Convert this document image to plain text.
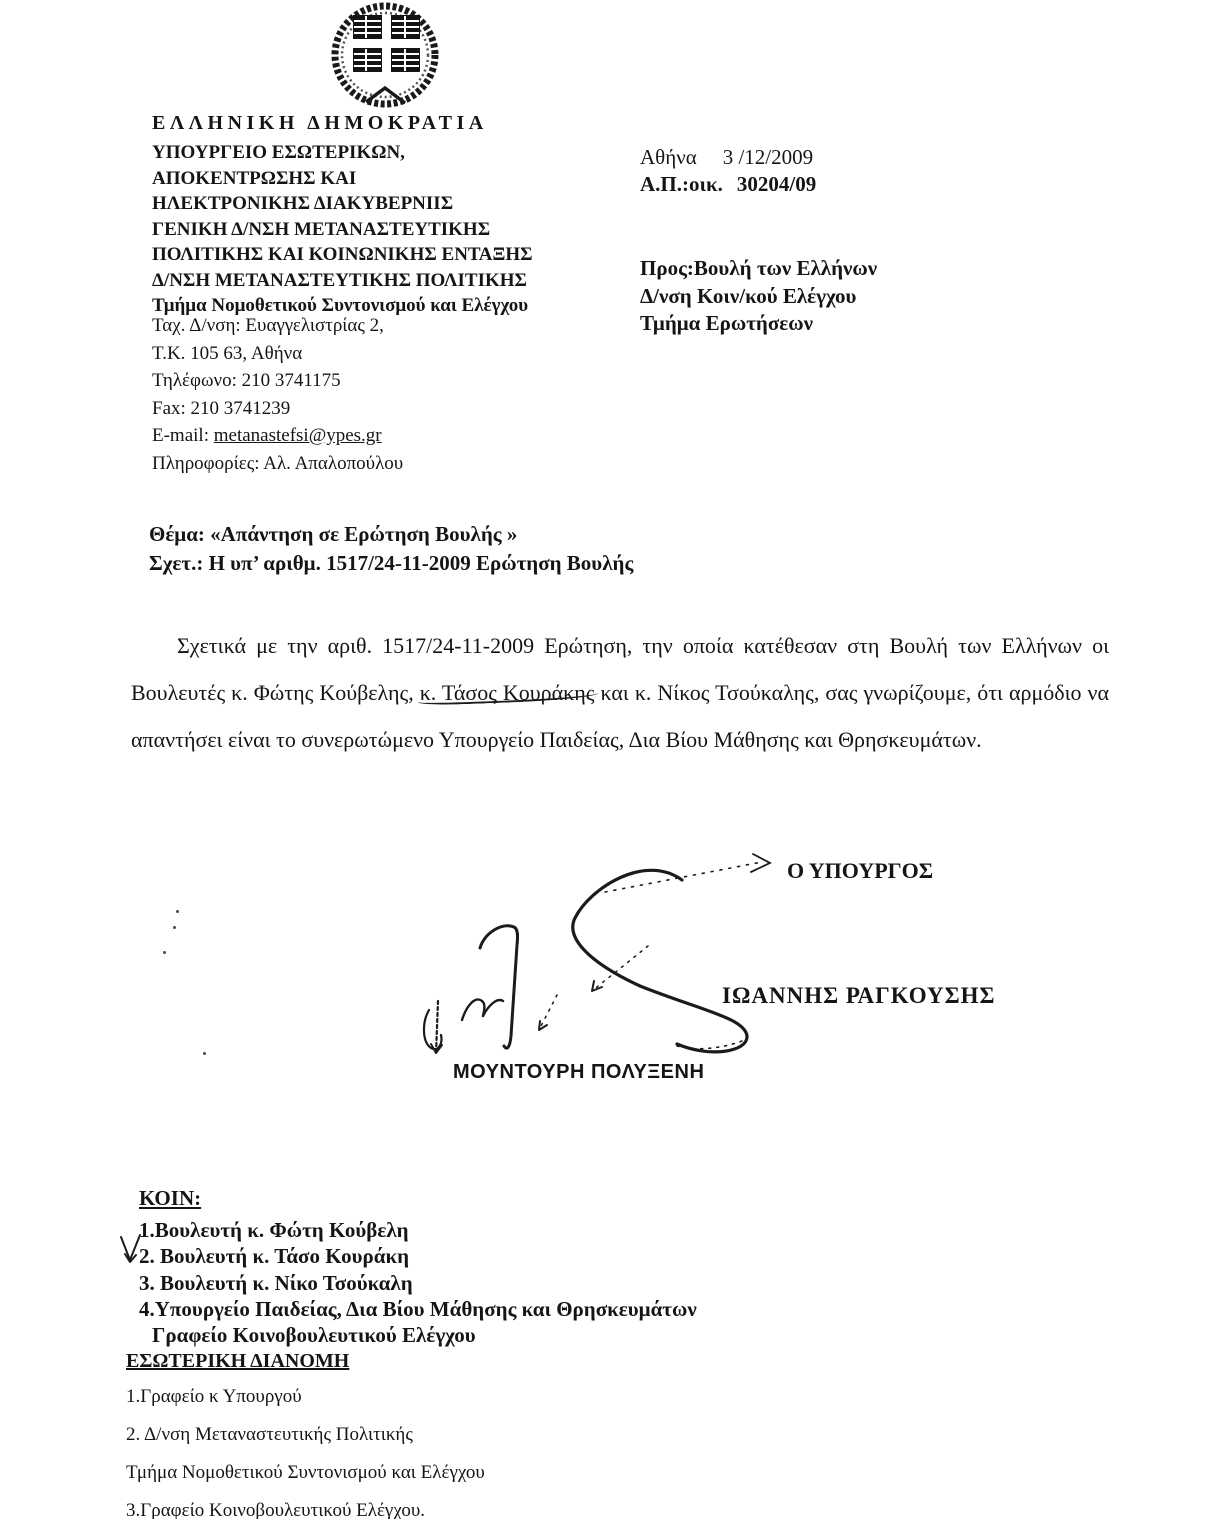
ΕΛΛΗΝΙΚΗ ΔΗΜΟΚΡΑΤΙΑ
ΥΠΟΥΡΓΕΙΟ ΕΣΩΤΕΡΙΚΩΝ,
ΑΠΟΚΕΝΤΡΩΣΗΣ ΚΑΙ
ΗΛΕΚΤΡΟΝΙΚΗΣ ΔΙΑΚΥΒΕΡΝΙΙΣ
ΓΕΝΙΚΗ Δ/ΝΣΗ ΜΕΤΑΝΑΣΤΕΥΤΙΚΗΣ
ΠΟΛΙΤΙΚΗΣ ΚΑΙ ΚΟΙΝΩΝΙΚΗΣ ΕΝΤΑΞΗΣ
Δ/ΝΣΗ ΜΕΤΑΝΑΣΤΕΥΤΙΚΗΣ ΠΟΛΙΤΙΚΗΣ
Τμήμα Νομοθετικού Συντονισμού και Ελέγχου
Ταχ. Δ/νση: Ευαγγελιστρίας 2,
Τ.Κ. 105 63, Αθήνα
Τηλέφωνο: 210 3741175
Fax: 210 3741239
E-mail: metanastefsi@ypes.gr
Πληροφορίες: Αλ. Απαλοπούλου
Αθήνα 3 /12/2009
Α.Π.:οικ. 30204/09
Προς:Βουλή των Ελλήνων
Δ/νση Κοιν/κού Ελέγχου
Τμήμα Ερωτήσεων
Θέμα: «Απάντηση σε Ερώτηση Βουλής »
Σχετ.: Η υπ’ αριθμ. 1517/24-11-2009 Ερώτηση Βουλής
Σχετικά με την αριθ. 1517/24-11-2009 Ερώτηση, την οποία κατέθεσαν στη Βουλή των Ελλήνων οι Βουλευτές κ. Φώτης Κούβελης, κ. Τάσος Κουράκης και κ. Νίκος Τσούκαλης, σας γνωρίζουμε, ότι αρμόδιο να απαντήσει είναι το συνερωτώμενο Υπουργείο Παιδείας, Δια Βίου Μάθησης και Θρησκευμάτων.
Ο ΥΠΟΥΡΓΟΣ
ΙΩΑΝΝΗΣ ΡΑΓΚΟΥΣΗΣ
ΜΟΥΝΤΟΥΡΗ ΠΟΛΥΞΕΝΗ
ΚΟΙΝ:
1.Βουλευτή κ. Φώτη Κούβελη
2. Βουλευτή κ. Τάσο Κουράκη
3. Βουλευτή κ. Νίκο Τσούκαλη
4.Υπουργείο Παιδείας, Δια Βίου Μάθησης και Θρησκευμάτων
Γραφείο Κοινοβουλευτικού Ελέγχου
ΕΣΩΤΕΡΙΚΗ ΔΙΑΝΟΜΗ
1.Γραφείο κ Υπουργού
2. Δ/νση Μεταναστευτικής Πολιτικής
Τμήμα Νομοθετικού Συντονισμού και Ελέγχου
3.Γραφείο Κοινοβουλευτικού Ελέγχου.
